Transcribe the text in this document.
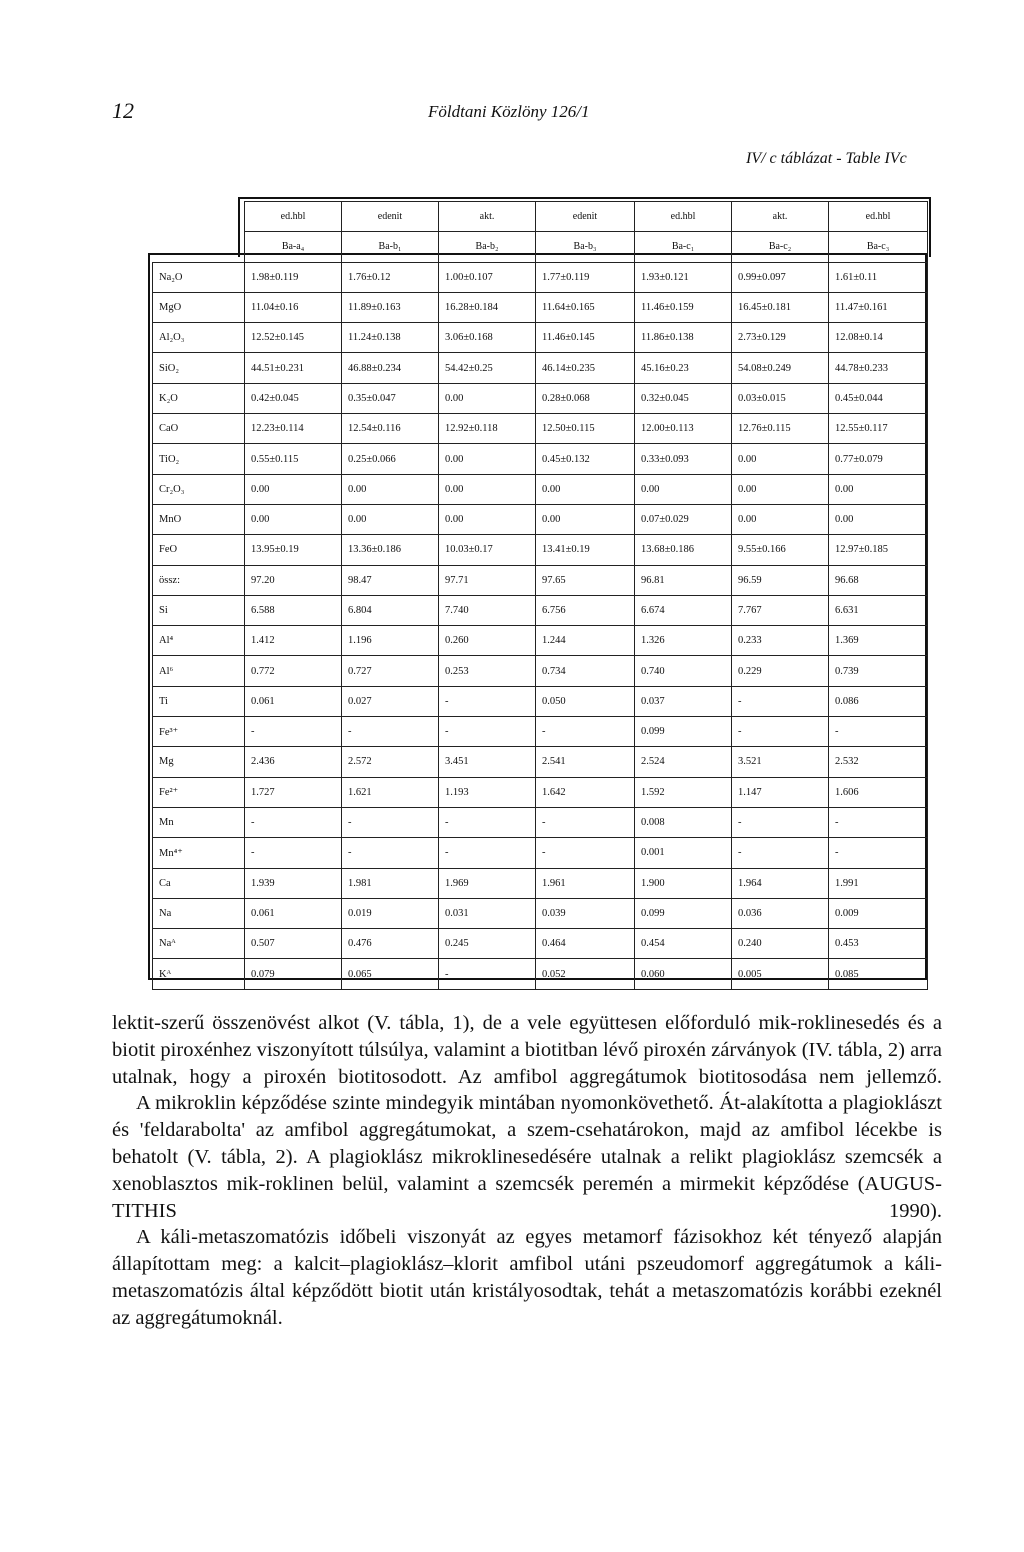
12	Földtani Közlöny 126/1
IV/ c táblázat - Table IVc
	ed.hbl	edenit	akt.	edenit	ed.hbl	akt.	ed.hbl
	Ba-a₄	Ba-b₁	Ba-b₂	Ba-b₃	Ba-c₁	Ba-c₂	Ba-c₃
Na₂O	1.98±0.119	1.76±0.12	1.00±0.107	1.77±0.119	1.93±0.121	0.99±0.097	1.61±0.11
MgO	11.04±0.16	11.89±0.163	16.28±0.184	11.64±0.165	11.46±0.159	16.45±0.181	11.47±0.161
Al₂O₃	12.52±0.145	11.24±0.138	3.06±0.168	11.46±0.145	11.86±0.138	2.73±0.129	12.08±0.14
SiO₂	44.51±0.231	46.88±0.234	54.42±0.25	46.14±0.235	45.16±0.23	54.08±0.249	44.78±0.233
K₂O	0.42±0.045	0.35±0.047	0.00	0.28±0.068	0.32±0.045	0.03±0.015	0.45±0.044
CaO	12.23±0.114	12.54±0.116	12.92±0.118	12.50±0.115	12.00±0.113	12.76±0.115	12.55±0.117
TiO₂	0.55±0.115	0.25±0.066	0.00	0.45±0.132	0.33±0.093	0.00	0.77±0.079
Cr₂O₃	0.00	0.00	0.00	0.00	0.00	0.00	0.00
MnO	0.00	0.00	0.00	0.00	0.07±0.029	0.00	0.00
FeO	13.95±0.19	13.36±0.186	10.03±0.17	13.41±0.19	13.68±0.186	9.55±0.166	12.97±0.185
össz:	97.20	98.47	97.71	97.65	96.81	96.59	96.68
Si	6.588	6.804	7.740	6.756	6.674	7.767	6.631
Al⁴	1.412	1.196	0.260	1.244	1.326	0.233	1.369
Al⁶	0.772	0.727	0.253	0.734	0.740	0.229	0.739
Ti	0.061	0.027	-	0.050	0.037	-	0.086
Fe³⁺	-	-	-	-	0.099	-	-
Mg	2.436	2.572	3.451	2.541	2.524	3.521	2.532
Fe²⁺	1.727	1.621	1.193	1.642	1.592	1.147	1.606
Mn	-	-	-	-	0.008	-	-
Mn⁴⁺	-	-	-	-	0.001	-	-
Ca	1.939	1.981	1.969	1.961	1.900	1.964	1.991
Na	0.061	0.019	0.031	0.039	0.099	0.036	0.009
Naᴬ	0.507	0.476	0.245	0.464	0.454	0.240	0.453
Kᴬ	0.079	0.065	-	0.052	0.060	0.005	0.085

lektit-szerű összenövést alkot (V. tábla, 1), de a vele együttesen előforduló mik-roklinesedés és a biotit piroxénhez viszonyított túlsúlya, valamint a biotitban lévő piroxén zárványok (IV. tábla, 2) arra utalnak, hogy a piroxén biotitosodott. Az amfibol aggregátumok biotitosodása nem jellemző.

A mikroklin képződése szinte mindegyik mintában nyomonkövethető. Át-alakította a plagioklászt és 'feldarabolta' az amfibol aggregátumokat, a szem-csehatárokon, majd az amfibol lécekbe is behatolt (V. tábla, 2). A plagioklász mikroklinesedésére utalnak a relikt plagioklász szemcsék a xenoblasztos mik-roklinen belül, valamint a szemcsék peremén a mirmekit képződése (AUGUS-TITHIS 1990).

A káli-metaszomatózis időbeli viszonyát az egyes metamorf fázisokhoz két tényező alapján állapítottam meg: a kalcit–plagioklász–klorit amfibol utáni pszeudomorf aggregátumok a káli-metaszomatózis által képződött biotit után kristályosodtak, tehát a metaszomatózis korábbi ezeknél az aggregátumoknál.
